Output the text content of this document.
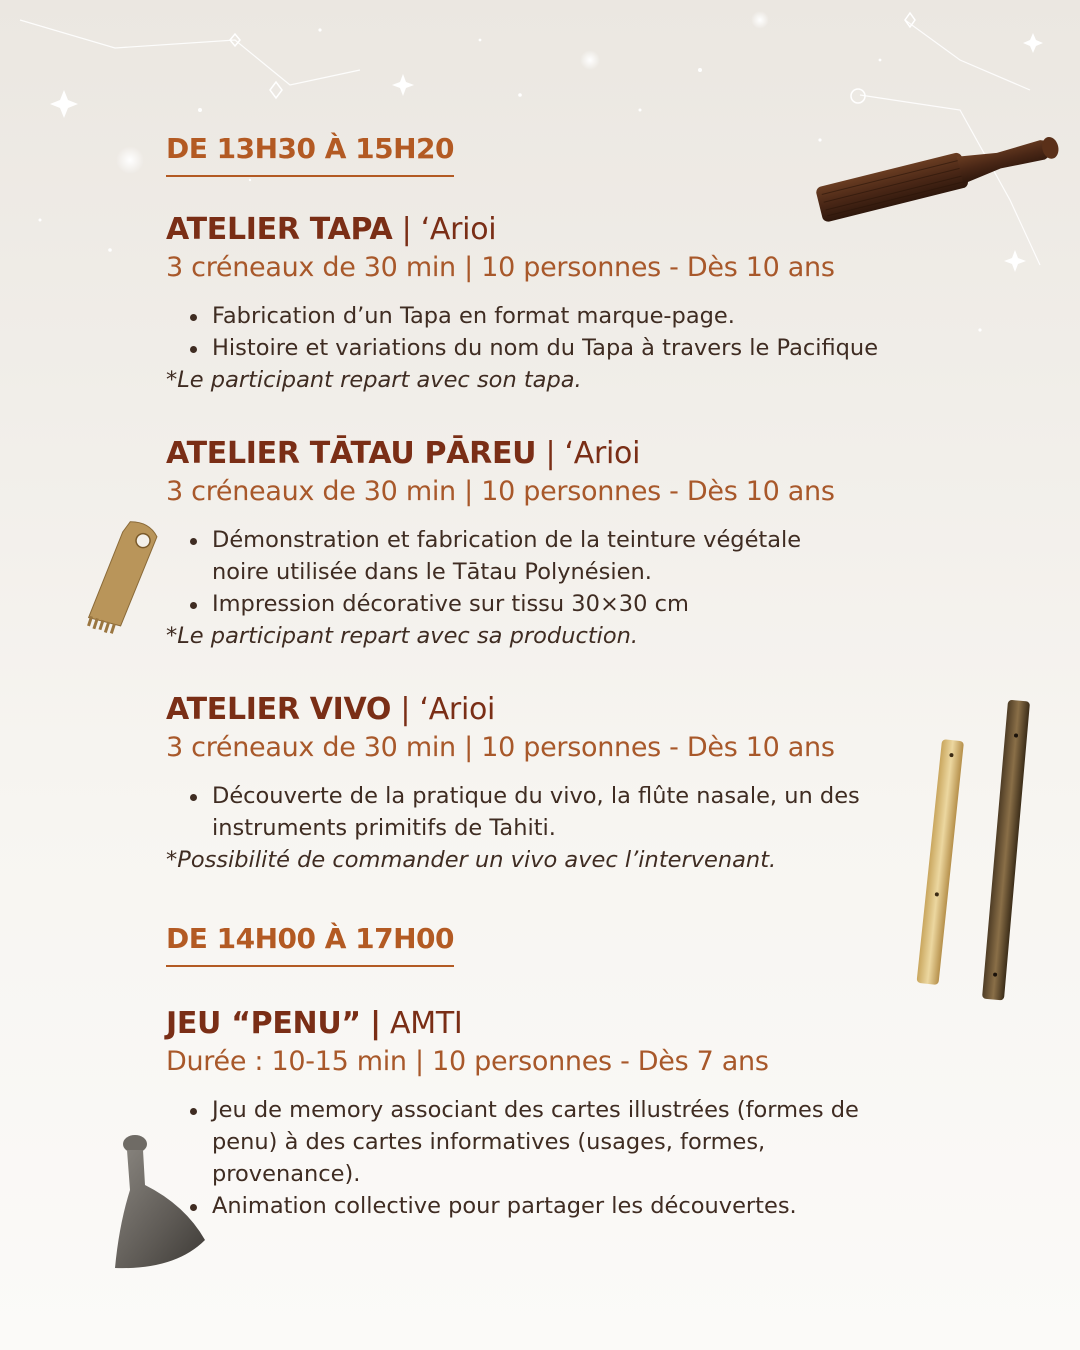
DE 13H30 À 15H20

ATELIER TAPA | ‘Arioi

3 créneaux de 30 min | 10 personnes - Dès 10 ans

Fabrication d’un Tapa en format marque-page.
Histoire et variations du nom du Tapa à travers le Pacifique

*Le participant repart avec son tapa.

ATELIER TĀTAU PĀREU | ‘Arioi

3 créneaux de 30 min | 10 personnes - Dès 10 ans

Démonstration et fabrication de la teinture végétale noire utilisée dans le Tātau Polynésien.
Impression décorative sur tissu 30×30 cm

*Le participant repart avec sa production.

ATELIER VIVO | ‘Arioi

3 créneaux de 30 min | 10 personnes - Dès 10 ans

Découverte de la pratique du vivo, la flûte nasale, un des instruments primitifs de Tahiti.

*Possibilité de commander un vivo avec l’intervenant.

DE 14H00 À 17H00

JEU “PENU” | AMTI

Durée : 10-15 min | 10 personnes - Dès 7 ans

Jeu de memory associant des cartes illustrées (formes de penu) à des cartes informatives (usages, formes, provenance).
Animation collective pour partager les découvertes.
